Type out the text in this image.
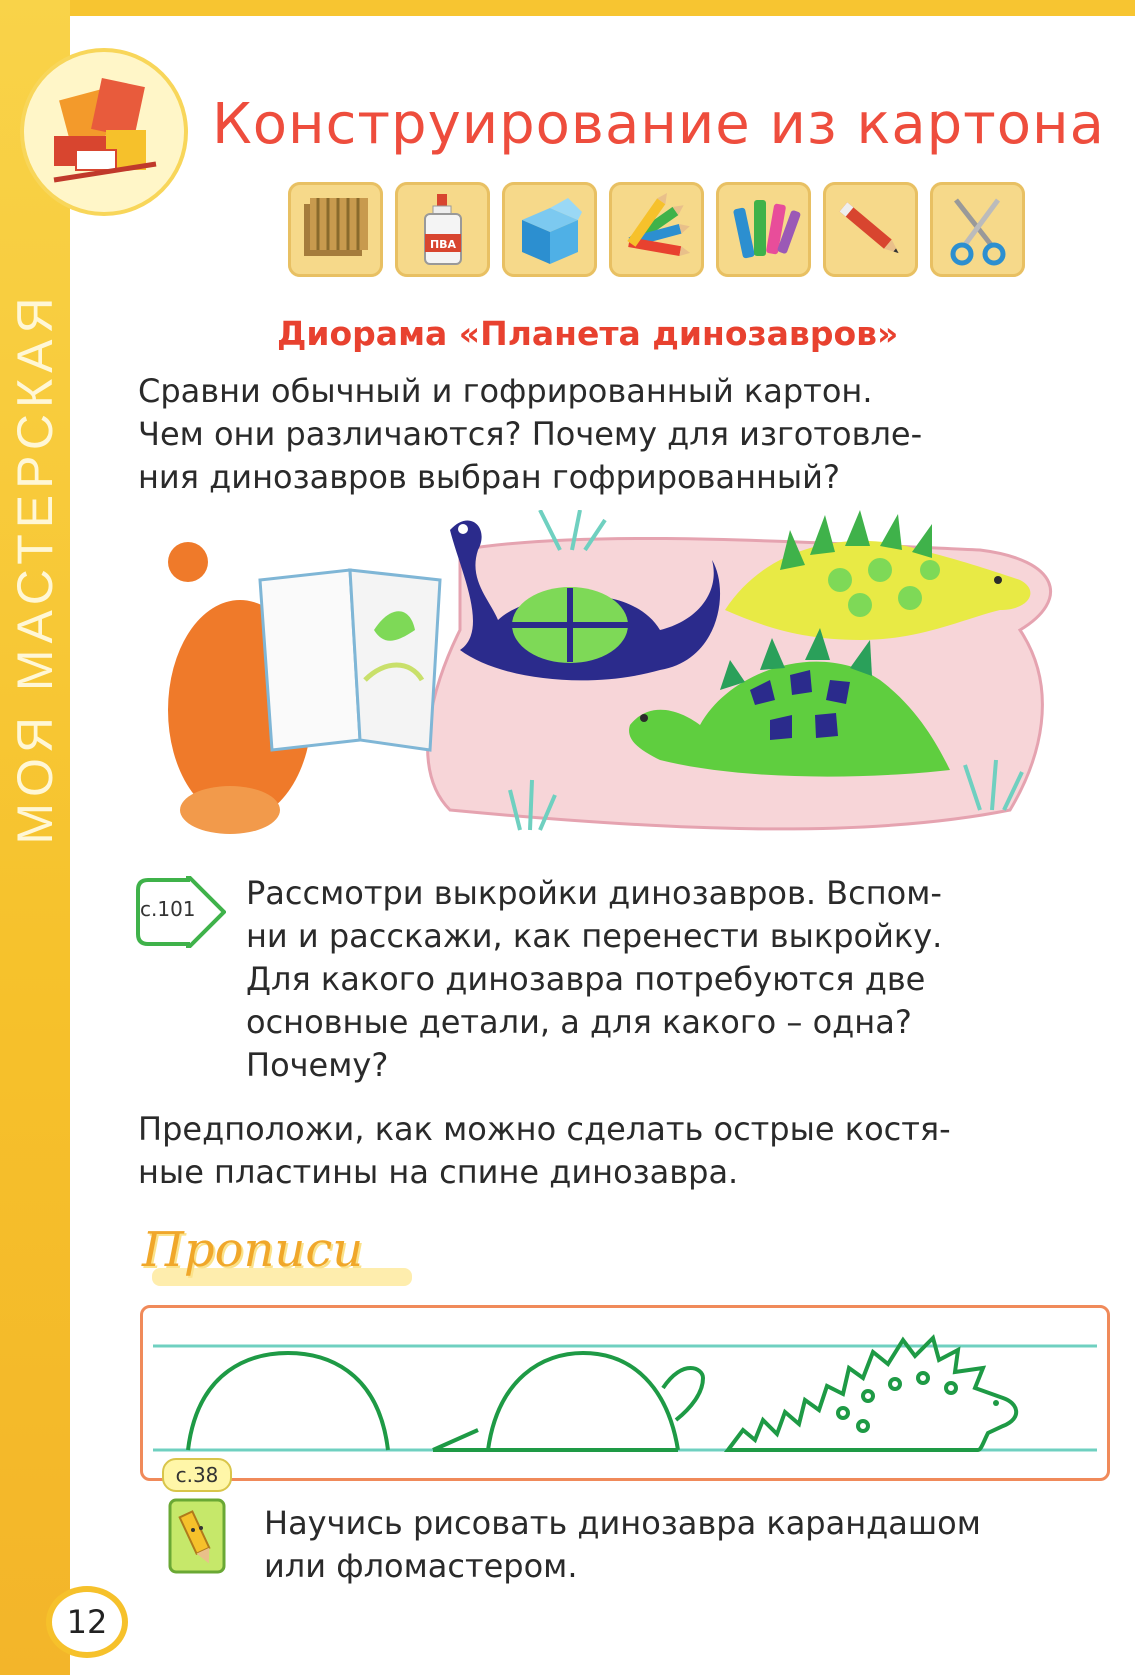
МОЯ МАСТЕРСКАЯ
Конструирование из картона
ПВА
Диорама «Планета динозавров»
Сравни обычный и гофрированный картон.
Чем они различаются? Почему для изготовле-
ния динозавров выбран гофрированный?
с.101 Рассмотри выкройки динозавров. Вспом-
ни и расскажи, как перенести выкройку.
Для какого динозавра потребуются две
основные детали, а для какого – одна?
Почему?
Предположи, как можно сделать острые костя-
ные пластины на спине динозавра.
Прописи
с.38
Научись рисовать динозавра карандашом
или фломастером.
12
